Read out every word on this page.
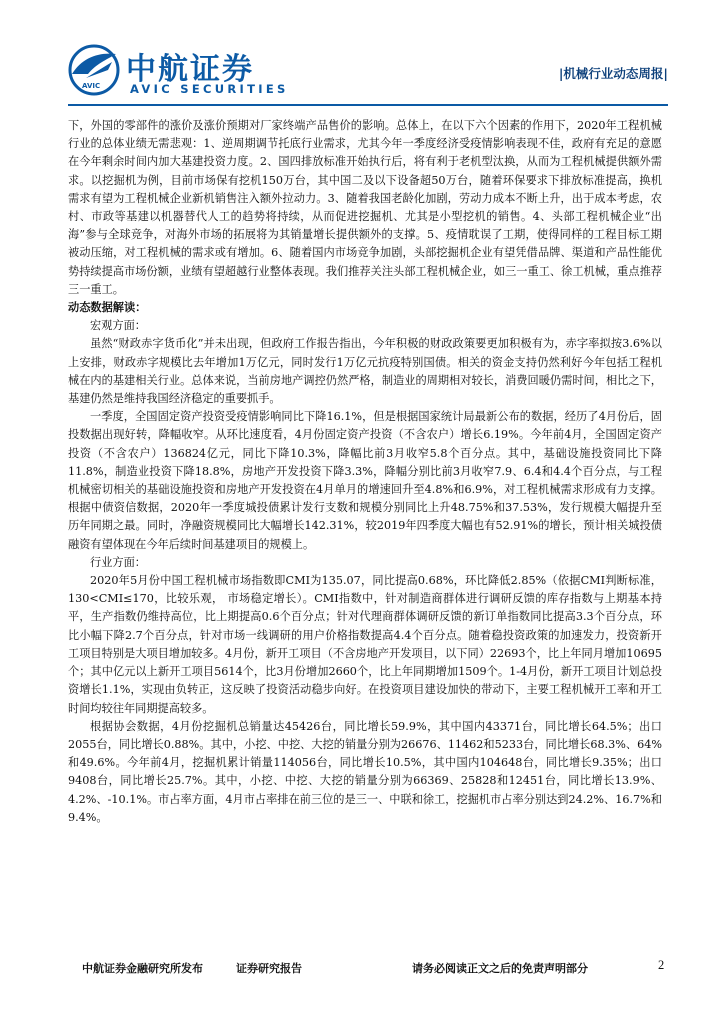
AVIC 中航证券
AVIC SECURITIES
|机械行业动态周报|

下，外国的零部件的涨价及涨价预期对厂家终端产品售价的影响。总体上，在以下六个因素的作用下，2020年工程机械行业的总体业绩无需悲观：1、逆周期调节托底行业需求，尤其今年一季度经济受疫情影响表现不佳，政府有充足的意愿在今年剩余时间内加大基建投资力度。2、国四排放标准开始执行后，将有利于老机型汰换，从而为工程机械提供额外需求。以挖掘机为例，目前市场保有挖机150万台，其中国二及以下设备超50万台，随着环保要求下排放标准提高，换机需求有望为工程机械企业新机销售注入额外拉动力。3、随着我国老龄化加剧，劳动力成本不断上升，出于成本考虑，农村、市政等基建以机器替代人工的趋势将持续，从而促进挖掘机、尤其是小型挖机的销售。4、头部工程机械企业“出海”参与全球竞争，对海外市场的拓展将为其销量增长提供额外的支撑。5、疫情耽误了工期，使得同样的工程目标工期被动压缩，对工程机械的需求或有增加。6、随着国内市场竞争加剧，头部挖掘机企业有望凭借品牌、渠道和产品性能优势持续提高市场份额，业绩有望超越行业整体表现。我们推荐关注头部工程机械企业，如三一重工、徐工机械，重点推荐三一重工。

动态数据解读：

宏观方面：

虽然“财政赤字货币化”并未出现，但政府工作报告指出，今年积极的财政政策要更加积极有为，赤字率拟按3.6%以上安排，财政赤字规模比去年增加1万亿元，同时发行1万亿元抗疫特别国债。相关的资金支持仍然利好今年包括工程机械在内的基建相关行业。总体来说，当前房地产调控仍然严格，制造业的周期相对较长，消费回暖仍需时间，相比之下，基建仍然是维持我国经济稳定的重要抓手。

一季度，全国固定资产投资受疫情影响同比下降16.1%，但是根据国家统计局最新公布的数据，经历了4月份后，固投数据出现好转，降幅收窄。从环比速度看，4月份固定资产投资（不含农户）增长6.19%。今年前4月，全国固定资产投资（不含农户）136824亿元，同比下降10.3%，降幅比前3月收窄5.8个百分点。其中，基础设施投资同比下降11.8%，制造业投资下降18.8%，房地产开发投资下降3.3%，降幅分别比前3月收窄7.9、6.4和4.4个百分点，与工程机械密切相关的基础设施投资和房地产开发投资在4月单月的增速回升至4.8%和6.9%，对工程机械需求形成有力支撑。根据中债资信数据，2020年一季度城投债累计发行支数和规模分别同比上升48.75%和37.53%，发行规模大幅提升至历年同期之最。同时，净融资规模同比大幅增长142.31%，较2019年四季度大幅也有52.91%的增长，预计相关城投债融资有望体现在今年后续时间基建项目的规模上。

行业方面：

2020年5月份中国工程机械市场指数即CMI为135.07，同比提高0.68%，环比降低2.85%（依据CMI判断标准，130<CMI≤170，比较乐观， 市场稳定增长）。CMI指数中，针对制造商群体进行调研反馈的库存指数与上期基本持平，生产指数仍维持高位，比上期提高0.6个百分点；针对代理商群体调研反馈的新订单指数同比提高3.3个百分点，环比小幅下降2.7个百分点，针对市场一线调研的用户价格指数提高4.4个百分点。随着稳投资政策的加速发力，投资新开工项目特别是大项目增加较多。4月份，新开工项目（不含房地产开发项目，以下同）22693个，比上年同月增加10695个；其中亿元以上新开工项目5614个，比3月份增加2660个，比上年同期增加1509个。1-4月份，新开工项目计划总投资增长1.1%，实现由负转正，这反映了投资活动稳步向好。在投资项目建设加快的带动下，主要工程机械开工率和开工时间均较往年同期提高较多。

根据协会数据，4月份挖掘机总销量达45426台，同比增长59.9%，其中国内43371台，同比增长64.5%；出口2055台，同比增长0.88%。其中，小挖、中挖、大挖的销量分别为26676、11462和5233台，同比增长68.3%、64%和49.6%。今年前4月，挖掘机累计销量114056台，同比增长10.5%，其中国内104648台，同比增长9.35%；出口9408台，同比增长25.7%。其中，小挖、中挖、大挖的销量分别为66369、25828和12451台，同比增长13.9%、4.2%、-10.1%。市占率方面，4月市占率排在前三位的是三一、中联和徐工，挖掘机市占率分别达到24.2%、16.7%和9.4%。

中航证券金融研究所发布	证券研究报告	请务必阅读正文之后的免责声明部分	2
